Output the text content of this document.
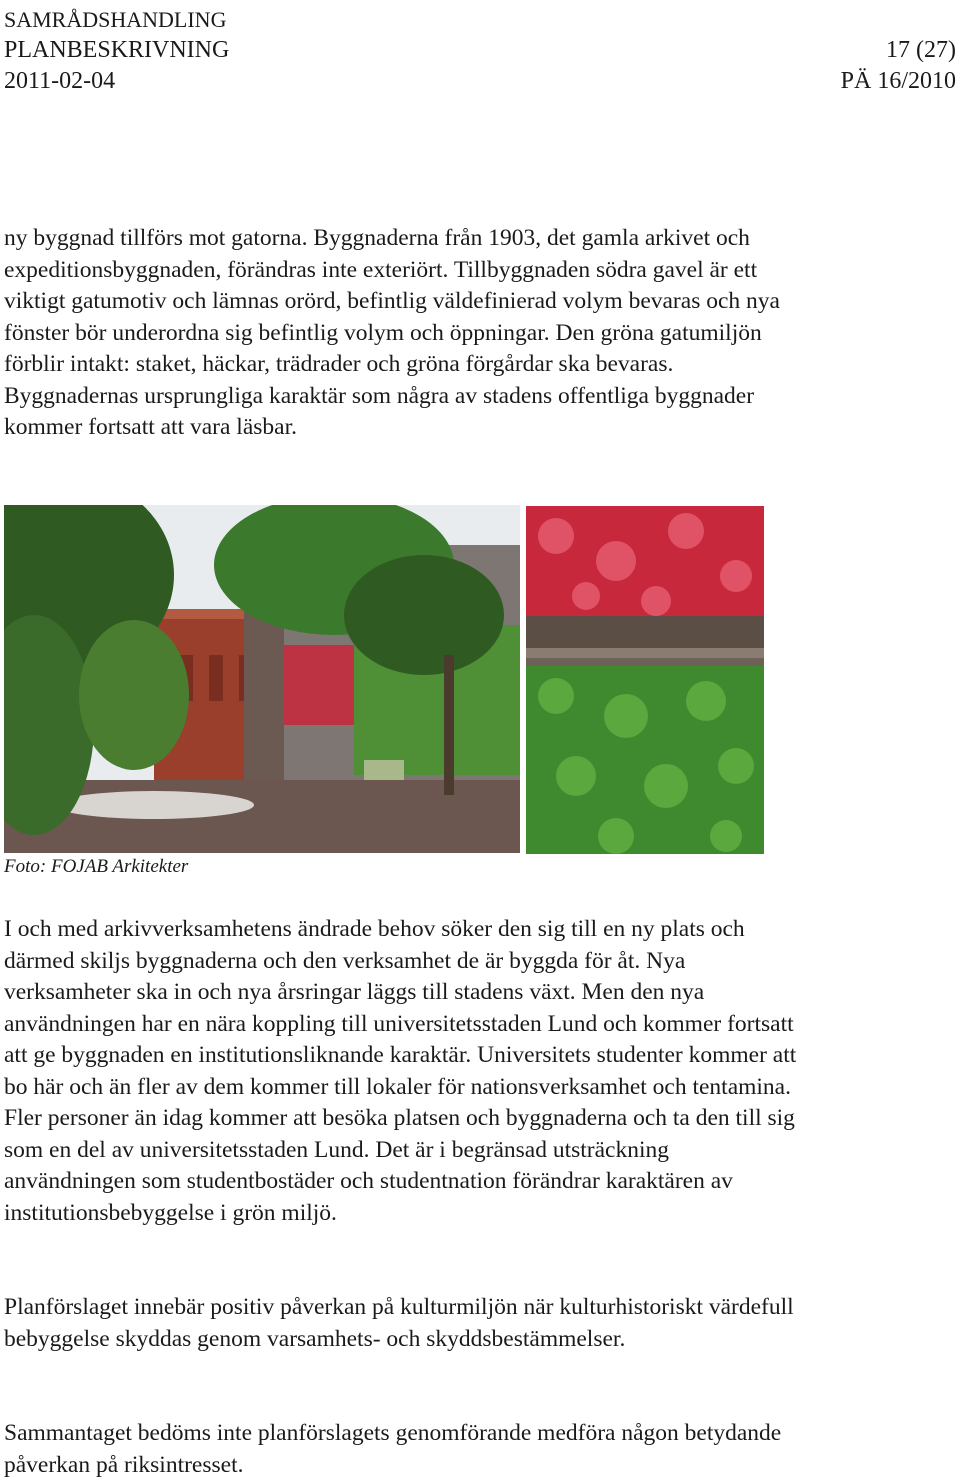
SAMRÅDSHANDLING
PLANBESKRIVNING	17 (27)
2011-02-04	PÄ 16/2010

ny byggnad tillförs mot gatorna. Byggnaderna från 1903, det gamla arkivet och expeditionsbyggnaden, förändras inte exteriört. Tillbyggnaden södra gavel är ett viktigt gatumotiv och lämnas orörd, befintlig väldefinierad volym bevaras och nya fönster bör underordna sig befintlig volym och öppningar. Den gröna gatumiljön förblir intakt: staket, häckar, trädrader och gröna förgårdar ska bevaras. Byggnadernas ursprungliga karaktär som några av stadens offentliga byggnader kommer fortsatt att vara läsbar.

Foto: FOJAB Arkitekter

I och med arkivverksamhetens ändrade behov söker den sig till en ny plats och därmed skiljs byggnaderna och den verksamhet de är byggda för åt. Nya verksamheter ska in och nya årsringar läggs till stadens växt. Men den nya användningen har en nära koppling till universitetsstaden Lund och kommer fortsatt att ge byggnaden en institutionsliknande karaktär. Universitets studenter kommer att bo här och än fler av dem kommer till lokaler för nationsverksamhet och tentamina. Fler personer än idag kommer att besöka platsen och byggnaderna och ta den till sig som en del av universitetsstaden Lund. Det är i begränsad utsträckning användningen som studentbostäder och studentnation förändrar karaktären av institutionsbebyggelse i grön miljö.

Planförslaget innebär positiv påverkan på kulturmiljön när kulturhistoriskt värdefull bebyggelse skyddas genom varsamhets- och skyddsbestämmelser.

Sammantaget bedöms inte planförslagets genomförande medföra någon betydande påverkan på riksintresset.
